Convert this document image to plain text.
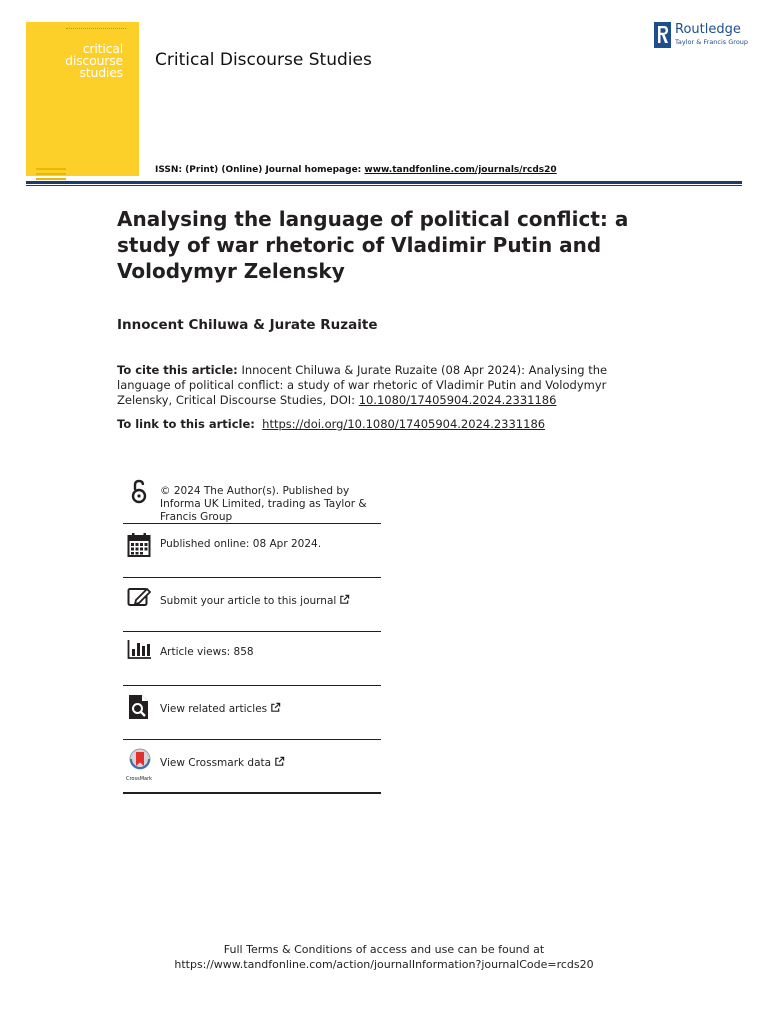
critical
discourse
studies
Critical Discourse Studies
Routledge
Taylor & Francis Group
ISSN: (Print) (Online) Journal homepage: www.tandfonline.com/journals/rcds20
Analysing the language of political conflict: a study of war rhetoric of Vladimir Putin and Volodymyr Zelensky
Innocent Chiluwa & Jurate Ruzaite
To cite this article: Innocent Chiluwa & Jurate Ruzaite (08 Apr 2024): Analysing the language of political conflict: a study of war rhetoric of Vladimir Putin and Volodymyr Zelensky, Critical Discourse Studies, DOI: 10.1080/17405904.2024.2331186
To link to this article: https://doi.org/10.1080/17405904.2024.2331186
© 2024 The Author(s). Published by Informa UK Limited, trading as Taylor & Francis Group
Published online: 08 Apr 2024.
Submit your article to this journal
Article views: 858
View related articles
CrossMark
View Crossmark data
Full Terms & Conditions of access and use can be found at
https://www.tandfonline.com/action/journalInformation?journalCode=rcds20
